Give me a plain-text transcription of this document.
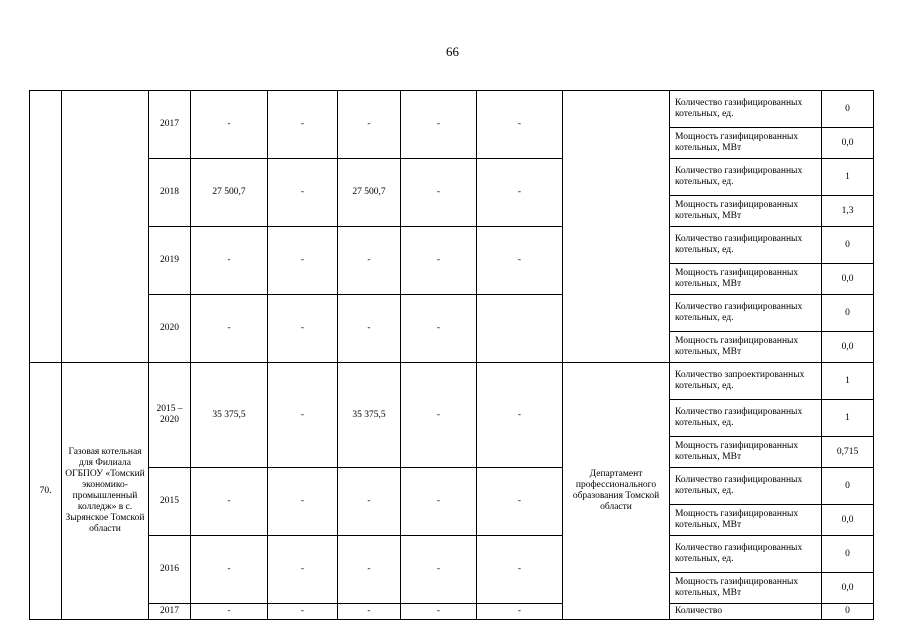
66
		2017	-	-	-	-	-		Количество газифицированных котельных, ед.	0
									Мощность газифицированных котельных, МВт	0,0
		2018	27 500,7	-	27 500,7	-	-		Количество газифицированных котельных, ед.	1
									Мощность газифицированных котельных, МВт	1,3
		2019	-	-	-	-	-		Количество газифицированных котельных, ед.	0
									Мощность газифицированных котельных, МВт	0,0
		2020	-	-	-	-			Количество газифицированных котельных, ед.	0
									Мощность газифицированных котельных, МВт	0,0
70.	Газовая котельная для Филиала ОГБПОУ «Томский экономико-промышленный колледж» в с. Зырянское Томской области	2015 – 2020	35 375,5	-	35 375,5	-	-	Департамент профессионального образования Томской области	Количество запроектированных котельных, ед.	1
									Количество газифицированных котельных, ед.	1
									Мощность газифицированных котельных, МВт	0,715
		2015	-	-	-	-	-		Количество газифицированных котельных, ед.	0
									Мощность газифицированных котельных, МВт	0,0
		2016	-	-	-	-	-		Количество газифицированных котельных, ед.	0
									Мощность газифицированных котельных, МВт	0,0
		2017	-	-	-	-	-		Количество	0
